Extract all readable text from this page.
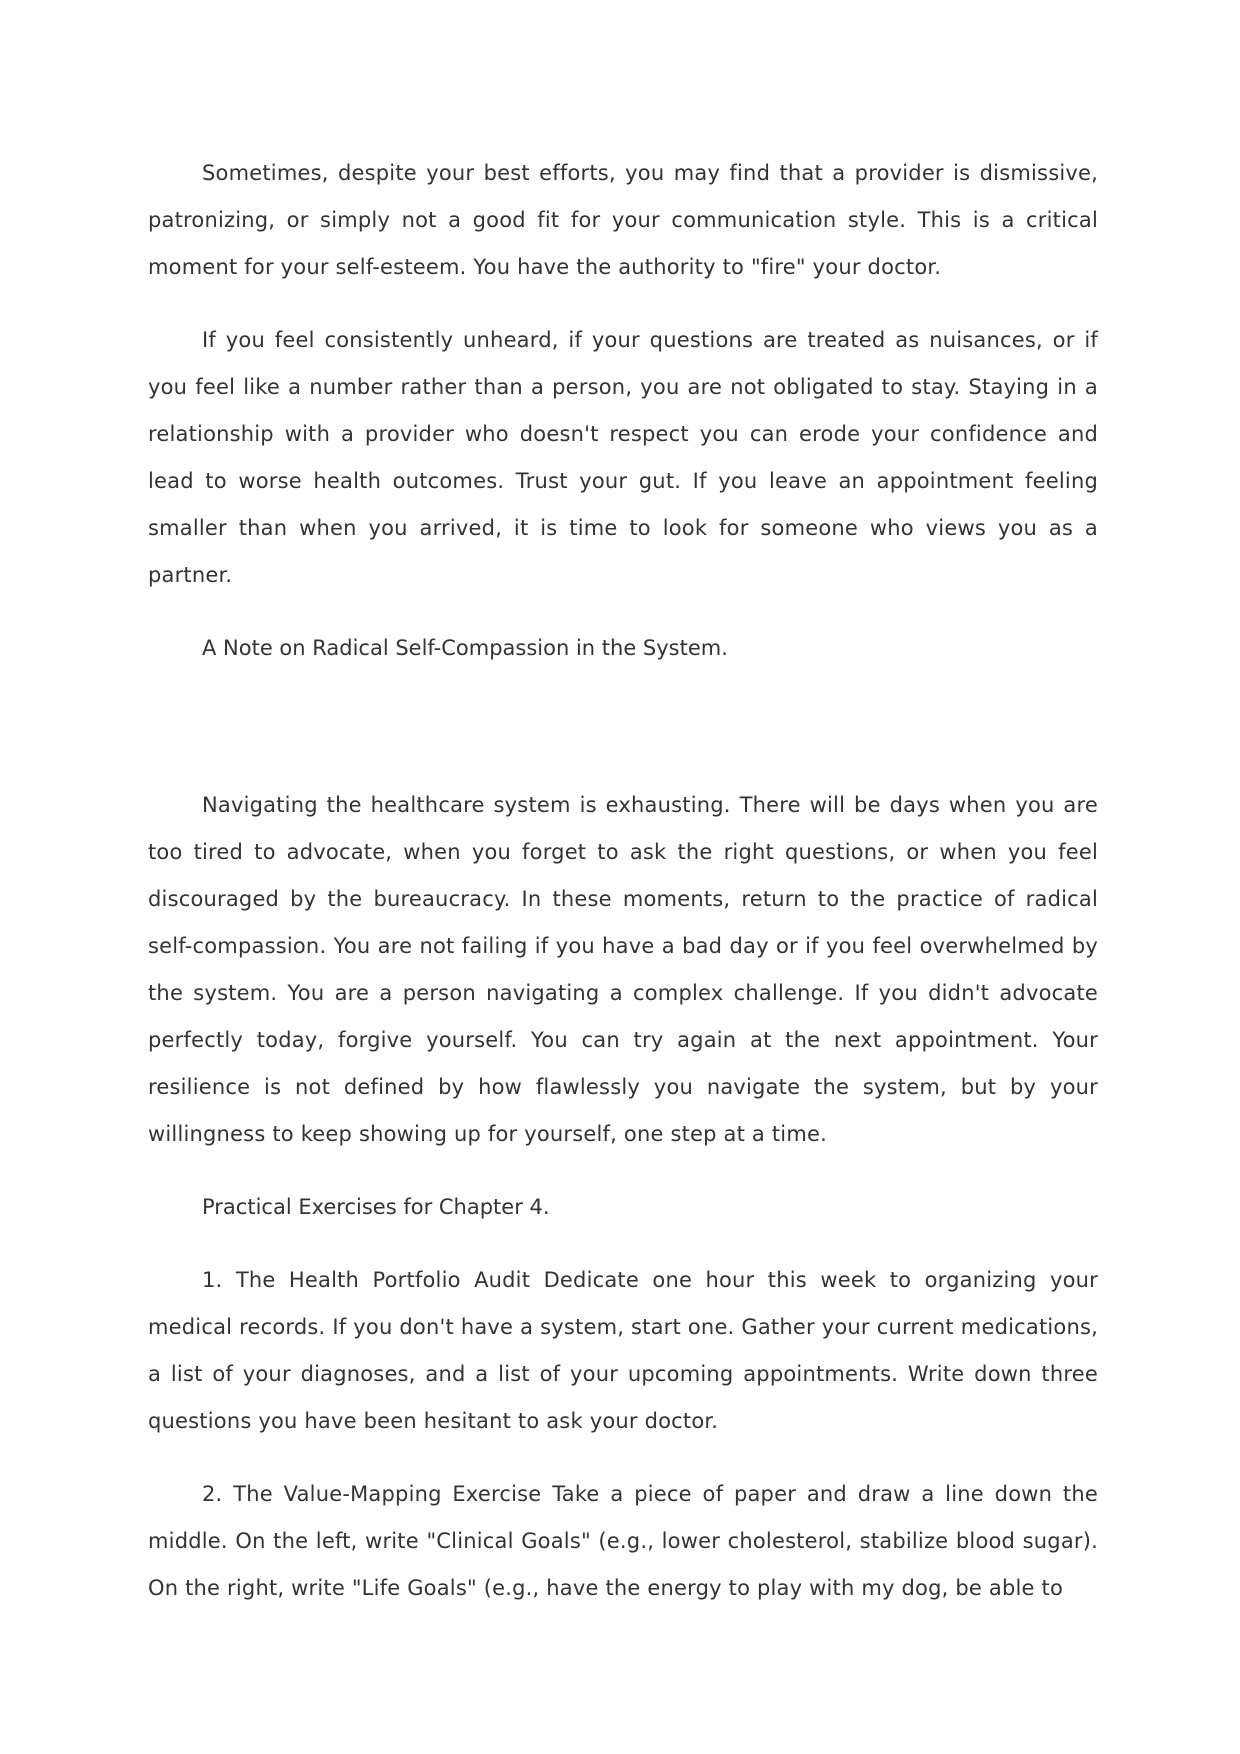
Sometimes, despite your best efforts, you may find that a provider is dismissive, patronizing, or simply not a good fit for your communication style. This is a critical moment for your self-esteem. You have the authority to "fire" your doctor.

If you feel consistently unheard, if your questions are treated as nuisances, or if you feel like a number rather than a person, you are not obligated to stay. Staying in a relationship with a provider who doesn't respect you can erode your confidence and lead to worse health outcomes. Trust your gut. If you leave an appointment feeling smaller than when you arrived, it is time to look for someone who views you as a partner.

A Note on Radical Self-Compassion in the System.

Navigating the healthcare system is exhausting. There will be days when you are too tired to advocate, when you forget to ask the right questions, or when you feel discouraged by the bureaucracy. In these moments, return to the practice of radical self-compassion. You are not failing if you have a bad day or if you feel overwhelmed by the system. You are a person navigating a complex challenge. If you didn't advocate perfectly today, forgive yourself. You can try again at the next appointment. Your resilience is not defined by how flawlessly you navigate the system, but by your willingness to keep showing up for yourself, one step at a time.

Practical Exercises for Chapter 4.

1. The Health Portfolio Audit Dedicate one hour this week to organizing your medical records. If you don't have a system, start one. Gather your current medications, a list of your diagnoses, and a list of your upcoming appointments. Write down three questions you have been hesitant to ask your doctor.

2. The Value-Mapping Exercise Take a piece of paper and draw a line down the middle. On the left, write "Clinical Goals" (e.g., lower cholesterol, stabilize blood sugar). On the right, write "Life Goals" (e.g., have the energy to play with my dog, be able to
